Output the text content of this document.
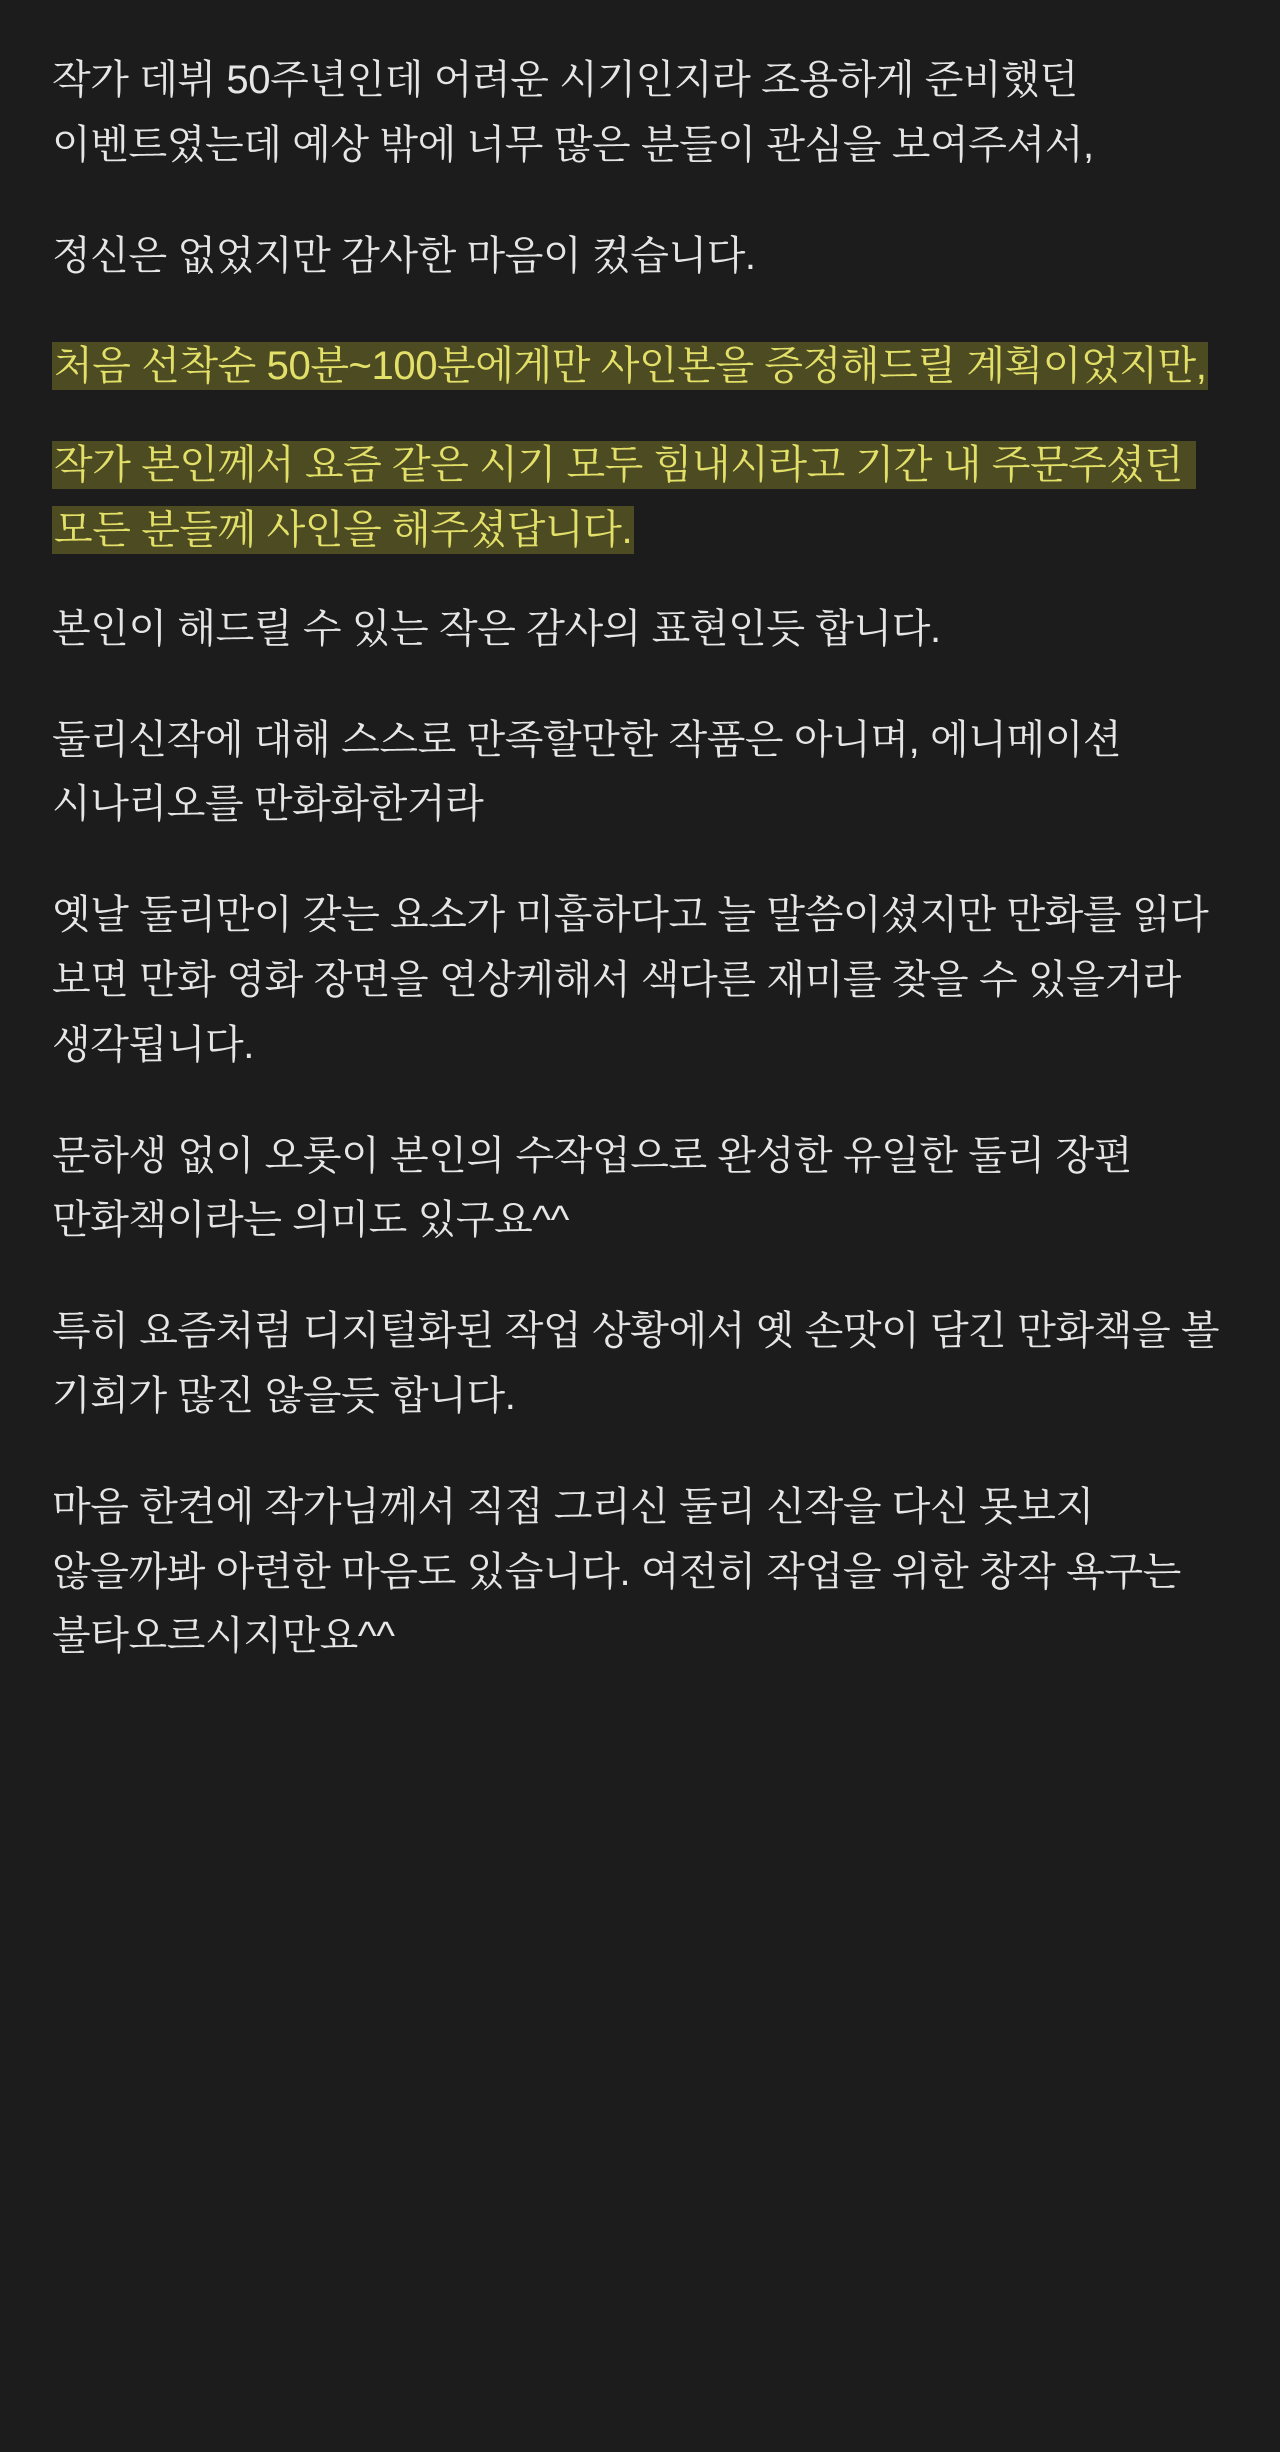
작가 데뷔 50주년인데 어려운 시기인지라 조용하게 준비했던 이벤트였는데 예상 밖에 너무 많은 분들이 관심을 보여주셔서,

정신은 없었지만 감사한 마음이 컸습니다.

처음 선착순 50분~100분에게만 사인본을 증정해드릴 계획이었지만,

작가 본인께서 요즘 같은 시기 모두 힘내시라고 기간 내 주문주셨던 모든 분들께 사인을 해주셨답니다.

본인이 해드릴 수 있는 작은 감사의 표현인듯 합니다.

둘리신작에 대해 스스로 만족할만한 작품은 아니며, 에니메이션 시나리오를 만화화한거라

옛날 둘리만이 갖는 요소가 미흡하다고 늘 말씀이셨지만 만화를 읽다 보면 만화 영화 장면을 연상케해서 색다른 재미를 찾을 수 있을거라 생각됩니다.

문하생 없이 오롯이 본인의 수작업으로 완성한 유일한 둘리 장편 만화책이라는 의미도 있구요^^

특히 요즘처럼 디지털화된 작업 상황에서 옛 손맛이 담긴 만화책을 볼 기회가 많진 않을듯 합니다.

마음 한켠에 작가님께서 직접 그리신 둘리 신작을 다신 못보지 않을까봐 아련한 마음도 있습니다. 여전히 작업을 위한 창작 욕구는 불타오르시지만요^^
